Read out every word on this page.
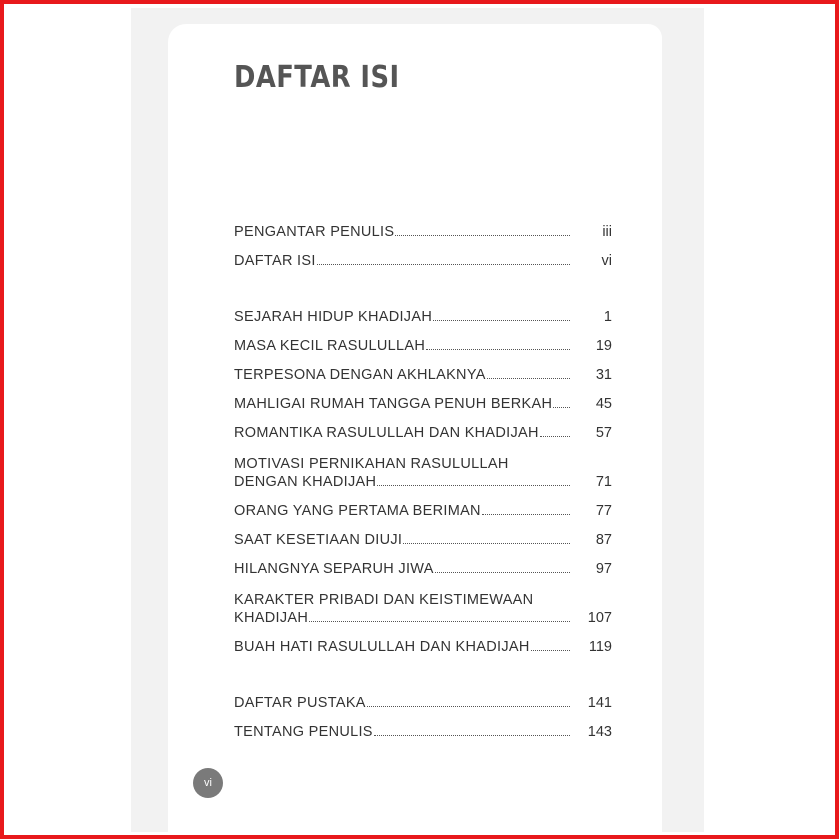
DAFTAR ISI
PENGANTAR PENULIS	iii
DAFTAR ISI	vi
SEJARAH HIDUP KHADIJAH	1
MASA KECIL RASULULLAH	19
TERPESONA DENGAN AKHLAKNYA	31
MAHLIGAI RUMAH TANGGA PENUH BERKAH	45
ROMANTIKA RASULULLAH DAN KHADIJAH	57
MOTIVASI PERNIKAHAN RASULULLAH
DENGAN KHADIJAH	71
ORANG YANG PERTAMA BERIMAN	77
SAAT KESETIAAN DIUJI	87
HILANGNYA SEPARUH JIWA	97
KARAKTER PRIBADI DAN KEISTIMEWAAN
KHADIJAH	107
BUAH HATI RASULULLAH DAN KHADIJAH	119
DAFTAR PUSTAKA	141
TENTANG PENULIS	143
vi
